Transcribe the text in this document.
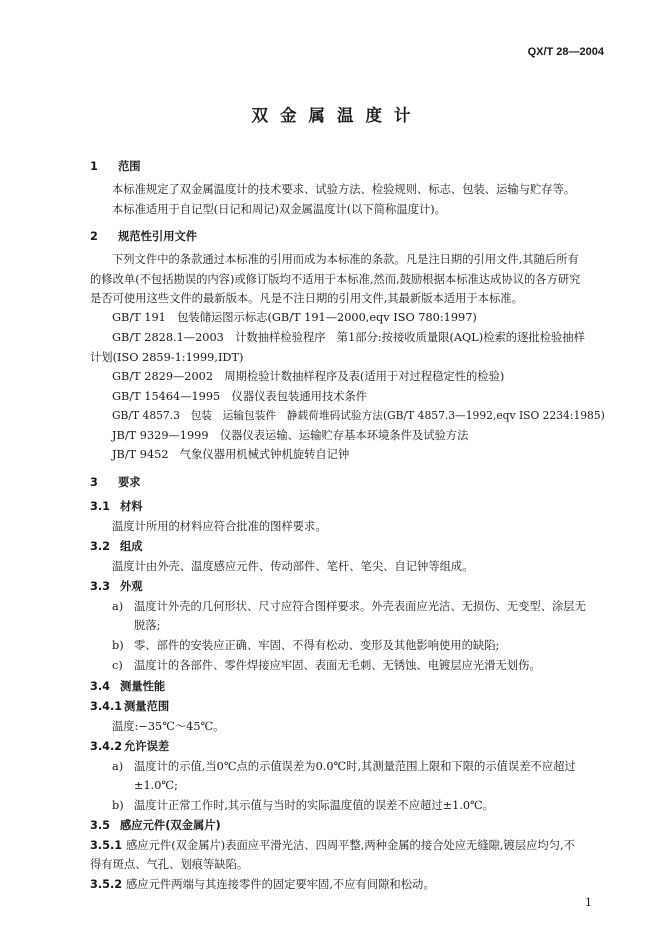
QX/T 28—2004
双金属温度计
1 范围
本标准规定了双金属温度计的技术要求、试验方法、检验规则、标志、包装、运输与贮存等。
本标准适用于自记型(日记和周记)双金属温度计(以下简称温度计)。
2 规范性引用文件
下列文件中的条款通过本标准的引用而成为本标准的条款。凡是注日期的引用文件,其随后所有
的修改单(不包括勘误的内容)或修订版均不适用于本标准,然而,鼓励根据本标准达成协议的各方研究
是否可使用这些文件的最新版本。凡是不注日期的引用文件,其最新版本适用于本标准。
GB/T 191　包装储运图示标志(GB/T 191—2000,eqv ISO 780:1997)
GB/T 2828.1—2003　计数抽样检验程序　第1部分:按接收质量限(AQL)检索的逐批检验抽样
计划(ISO 2859-1:1999,IDT)
GB/T 2829—2002　周期检验计数抽样程序及表(适用于对过程稳定性的检验)
GB/T 15464—1995　仪器仪表包装通用技术条件
GB/T 4857.3　包装　运输包装件　静载荷堆码试验方法(GB/T 4857.3—1992,eqv ISO 2234:1985)
JB/T 9329—1999　仪器仪表运输、运输贮存基本环境条件及试验方法
JB/T 9452　气象仪器用机械式钟机旋转自记钟
3 要求
3.1 材料
温度计所用的材料应符合批准的图样要求。
3.2 组成
温度计由外壳、温度感应元件、传动部件、笔杆、笔尖、自记钟等组成。
3.3 外观
a) 温度计外壳的几何形状、尺寸应符合图样要求。外壳表面应光洁、无损伤、无变型、涂层无
脱落;
b) 零、部件的安装应正确、牢固、不得有松动、变形及其他影响使用的缺陷;
c) 温度计的各部件、零件焊接应牢固、表面无毛刺、无锈蚀、电镀层应光滑无划伤。
3.4 测量性能
3.4.1 测量范围
温度:−35℃～45℃。
3.4.2 允许误差
a) 温度计的示值,当0℃点的示值误差为0.0℃时,其测量范围上限和下限的示值误差不应超过
±1.0℃;
b) 温度计正常工作时,其示值与当时的实际温度值的误差不应超过±1.0℃。
3.5 感应元件(双金属片)
3.5.1 感应元件(双金属片)表面应平滑光洁、四周平整,两种金属的接合处应无缝隙,镀层应均匀,不
得有斑点、气孔、划痕等缺陷。
3.5.2 感应元件两端与其连接零件的固定要牢固,不应有间隙和松动。
1
